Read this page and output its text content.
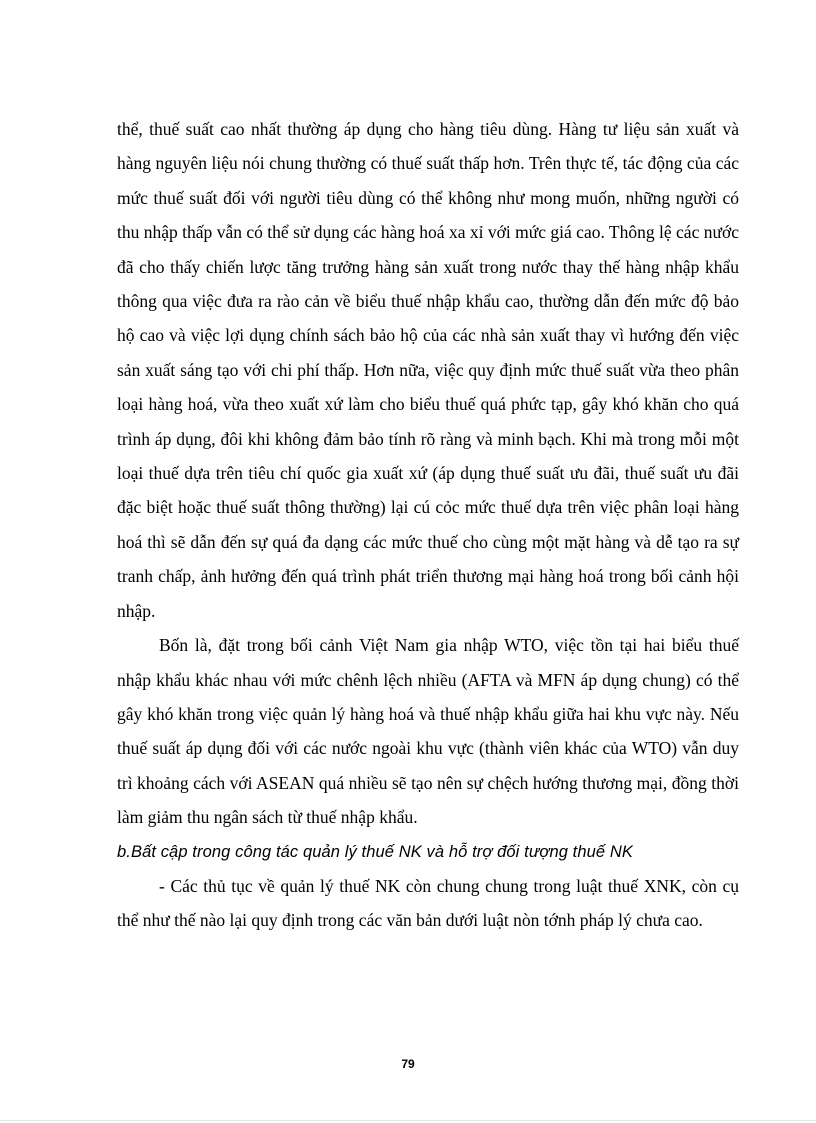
thể, thuế suất cao nhất thường áp dụng cho hàng tiêu dùng. Hàng tư liệu sản xuất và hàng nguyên liệu nói chung thường có thuế suất thấp hơn. Trên thực tế, tác động của các mức thuế suất đối với người tiêu dùng có thể không như mong muốn, những người có thu nhập thấp vẫn có thể sử dụng các hàng hoá xa xỉ với mức giá cao. Thông lệ các nước đã cho thấy chiến lược tăng trưởng hàng sản xuất trong nước thay thế hàng nhập khẩu thông qua việc đưa ra rào cản về biểu thuế nhập khẩu cao, thường dẫn đến mức độ bảo hộ cao và việc lợi dụng chính sách bảo hộ của các nhà sản xuất thay vì hướng đến việc sản xuất sáng tạo với chi phí thấp. Hơn nữa, việc quy định mức thuế suất vừa theo phân loại hàng hoá, vừa theo xuất xứ làm cho biểu thuế quá phức tạp, gây khó khăn cho quá trình áp dụng, đôi khi không đảm bảo tính rõ ràng và minh bạch. Khi mà trong mỗi một loại thuế dựa trên tiêu chí quốc gia xuất xứ (áp dụng thuế suất ưu đãi, thuế suất ưu đãi đặc biệt hoặc thuế suất thông thường) lại cú cỏc mức thuế dựa trên việc phân loại hàng hoá thì sẽ dẫn đến sự quá đa dạng các mức thuế cho cùng một mặt hàng và dễ tạo ra sự tranh chấp, ảnh hưởng đến quá trình phát triển thương mại hàng hoá trong bối cảnh hội nhập.

Bốn là, đặt trong bối cảnh Việt Nam gia nhập WTO, việc tồn tại hai biểu thuế nhập khẩu khác nhau với mức chênh lệch nhiều (AFTA và MFN áp dụng chung) có thể gây khó khăn trong việc quản lý hàng hoá và thuế nhập khẩu giữa hai khu vực này. Nếu thuế suất áp dụng đối với các nước ngoài khu vực (thành viên khác của WTO) vẫn duy trì khoảng cách với ASEAN quá nhiều sẽ tạo nên sự chệch hướng thương mại, đồng thời làm giảm thu ngân sách từ thuế nhập khẩu.

b.Bất cập trong công tác quản lý thuế NK và hỗ trợ đối tượng thuế NK

- Các thủ tục về quản lý thuế NK còn chung chung trong luật thuế XNK, còn cụ thể như thế nào lại quy định trong các văn bản dưới luật nòn tớnh pháp lý chưa cao.

79
